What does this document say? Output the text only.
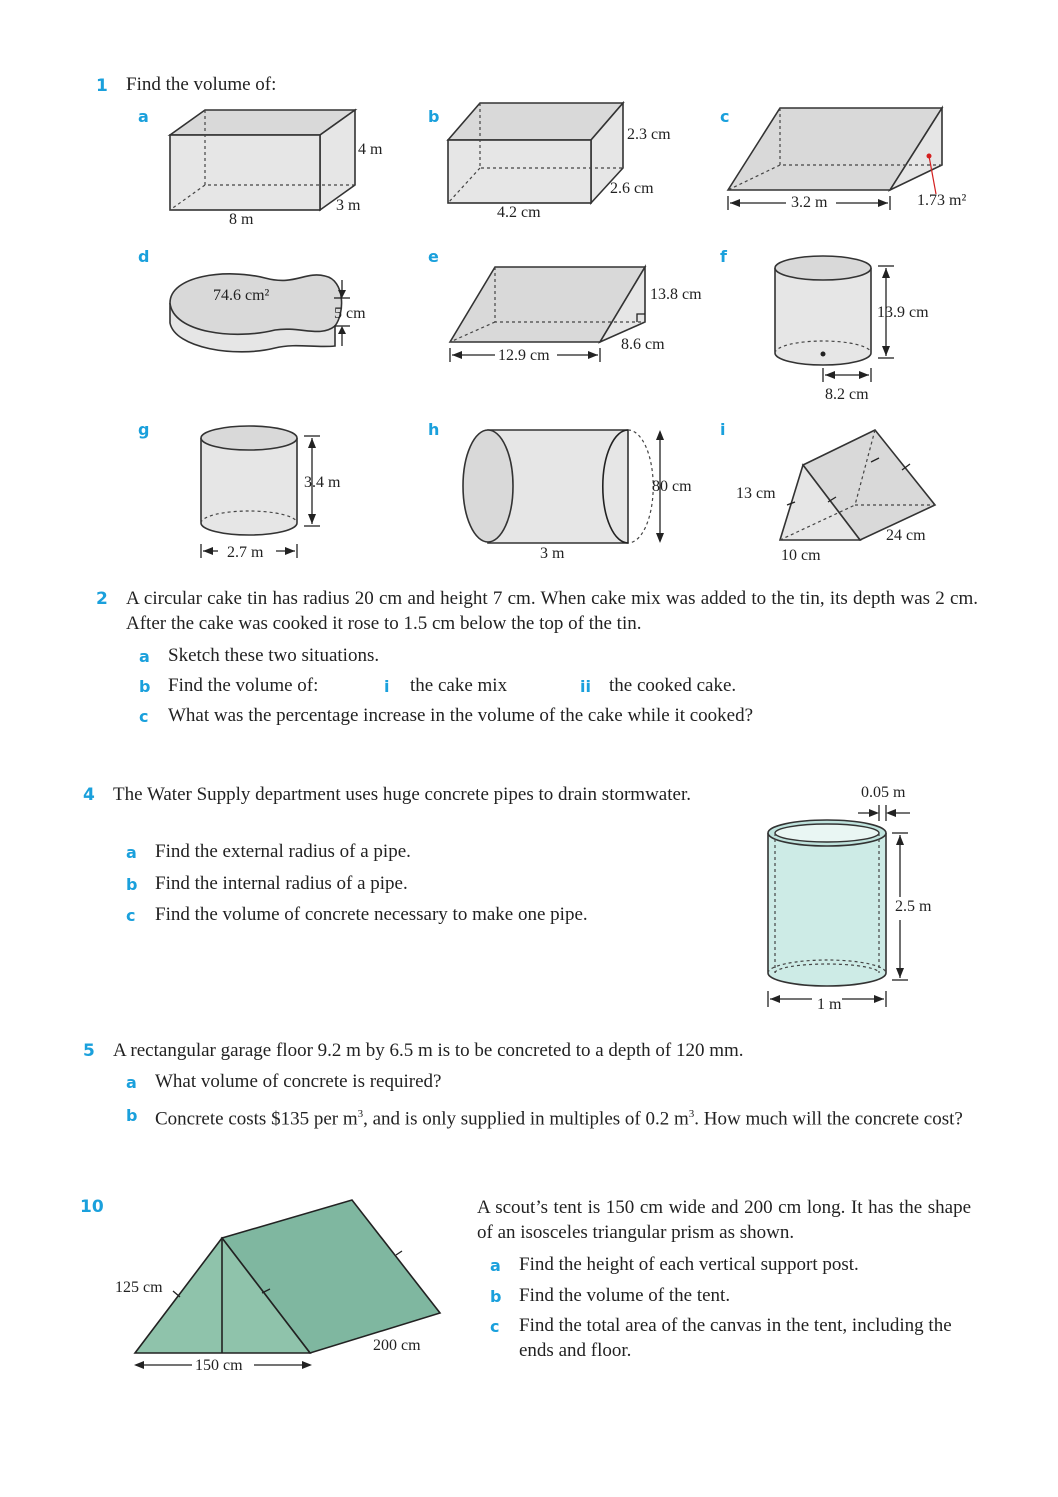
1 Find the volume of:
a	b	c
d	e	f
g	h	i
4 m
3 m
8 m
2.3 cm
2.6 cm
4.2 cm
3.2 m	1.73 m²
74.6 cm²
5 cm
13.8 cm
8.6 cm
12.9 cm
13.9 cm
8.2 cm
3.4 m
2.7 m
80 cm
3 m
13 cm
10 cm
24 cm
2 A circular cake tin has radius 20 cm and height 7 cm. When cake mix was added to the tin, its depth was 2 cm. After the cake was cooked it rose to 1.5 cm below the top of the tin.
a Sketch these two situations.
b Find the volume of:	i the cake mix	ii the cooked cake.
c What was the percentage increase in the volume of the cake while it cooked?
4 The Water Supply department uses huge concrete pipes to drain stormwater.
a Find the external radius of a pipe.
b Find the internal radius of a pipe.
c Find the volume of concrete necessary to make one pipe.
0.05 m
2.5 m
1 m
5 A rectangular garage floor 9.2 m by 6.5 m is to be concreted to a depth of 120 mm.
a What volume of concrete is required?
b Concrete costs $135 per $m^3$, and is only supplied in multiples of 0.2 $m^3$. How much will the concrete cost?
10
125 cm
150 cm
200 cm
A scout’s tent is 150 cm wide and 200 cm long. It has the shape of an isosceles triangular prism as shown.
a Find the height of each vertical support post.
b Find the volume of the tent.
c Find the total area of the canvas in the tent, including the ends and floor.
